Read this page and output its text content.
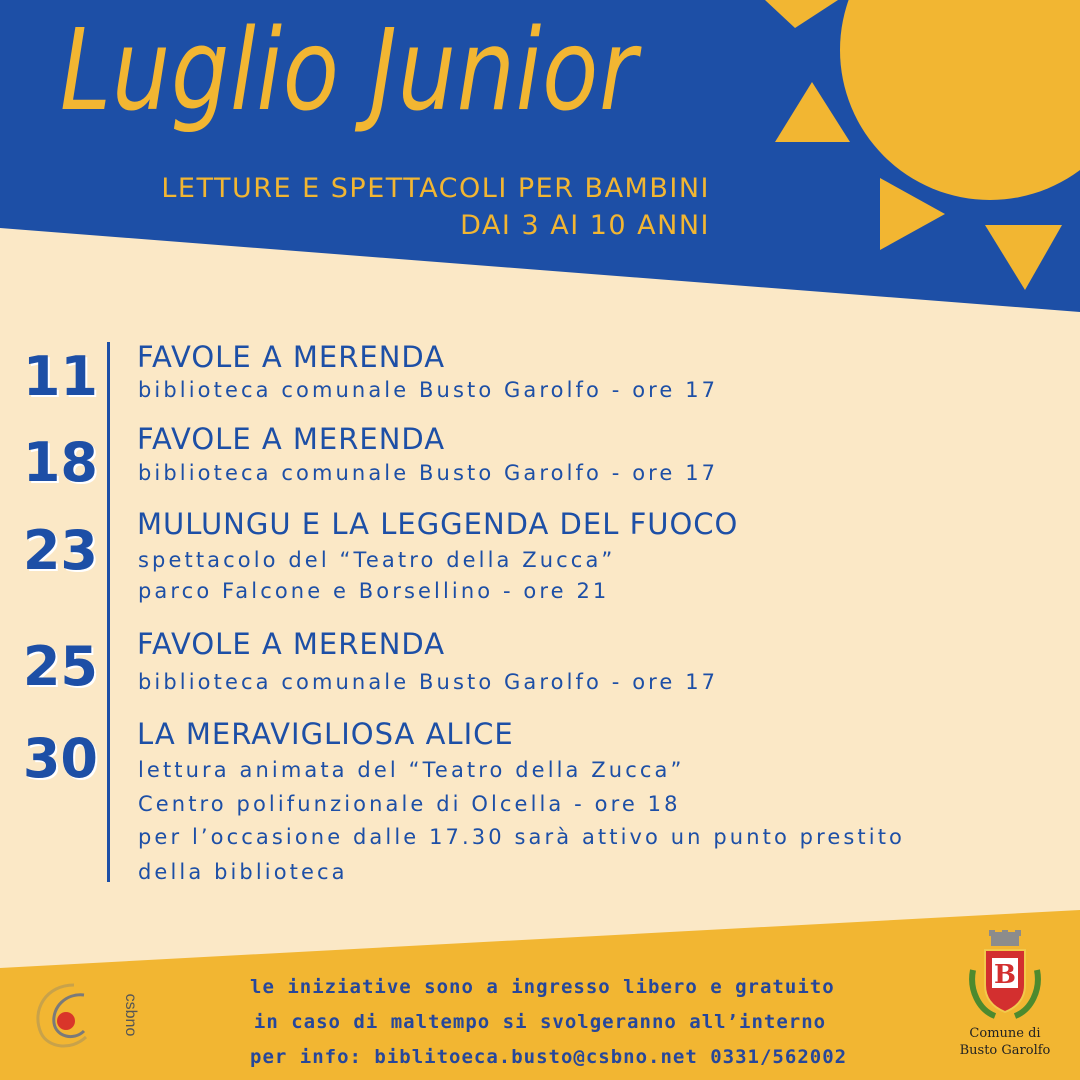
Luglio Junior
LETTURE E SPETTACOLI PER BAMBINI
DAI 3 AI 10 ANNI
11 FAVOLE A MERENDA
biblioteca comunale Busto Garolfo - ore 17
18 FAVOLE A MERENDA
biblioteca comunale Busto Garolfo - ore 17
23 MULUNGU E LA LEGGENDA DEL FUOCO
spettacolo del “Teatro della Zucca”
parco Falcone e Borsellino - ore 21
25 FAVOLE A MERENDA
biblioteca comunale Busto Garolfo - ore 17
30 LA MERAVIGLIOSA ALICE
lettura animata del “Teatro della Zucca”
Centro polifunzionale di Olcella - ore 18
per l’occasione dalle 17.30 sarà attivo un punto prestito
della biblioteca
le iniziative sono a ingresso libero e gratuito
in caso di maltempo si svolgeranno all’interno
per info: biblitoeca.busto@csbno.net 0331/562002
csbno
B
Comune di
Busto Garolfo
